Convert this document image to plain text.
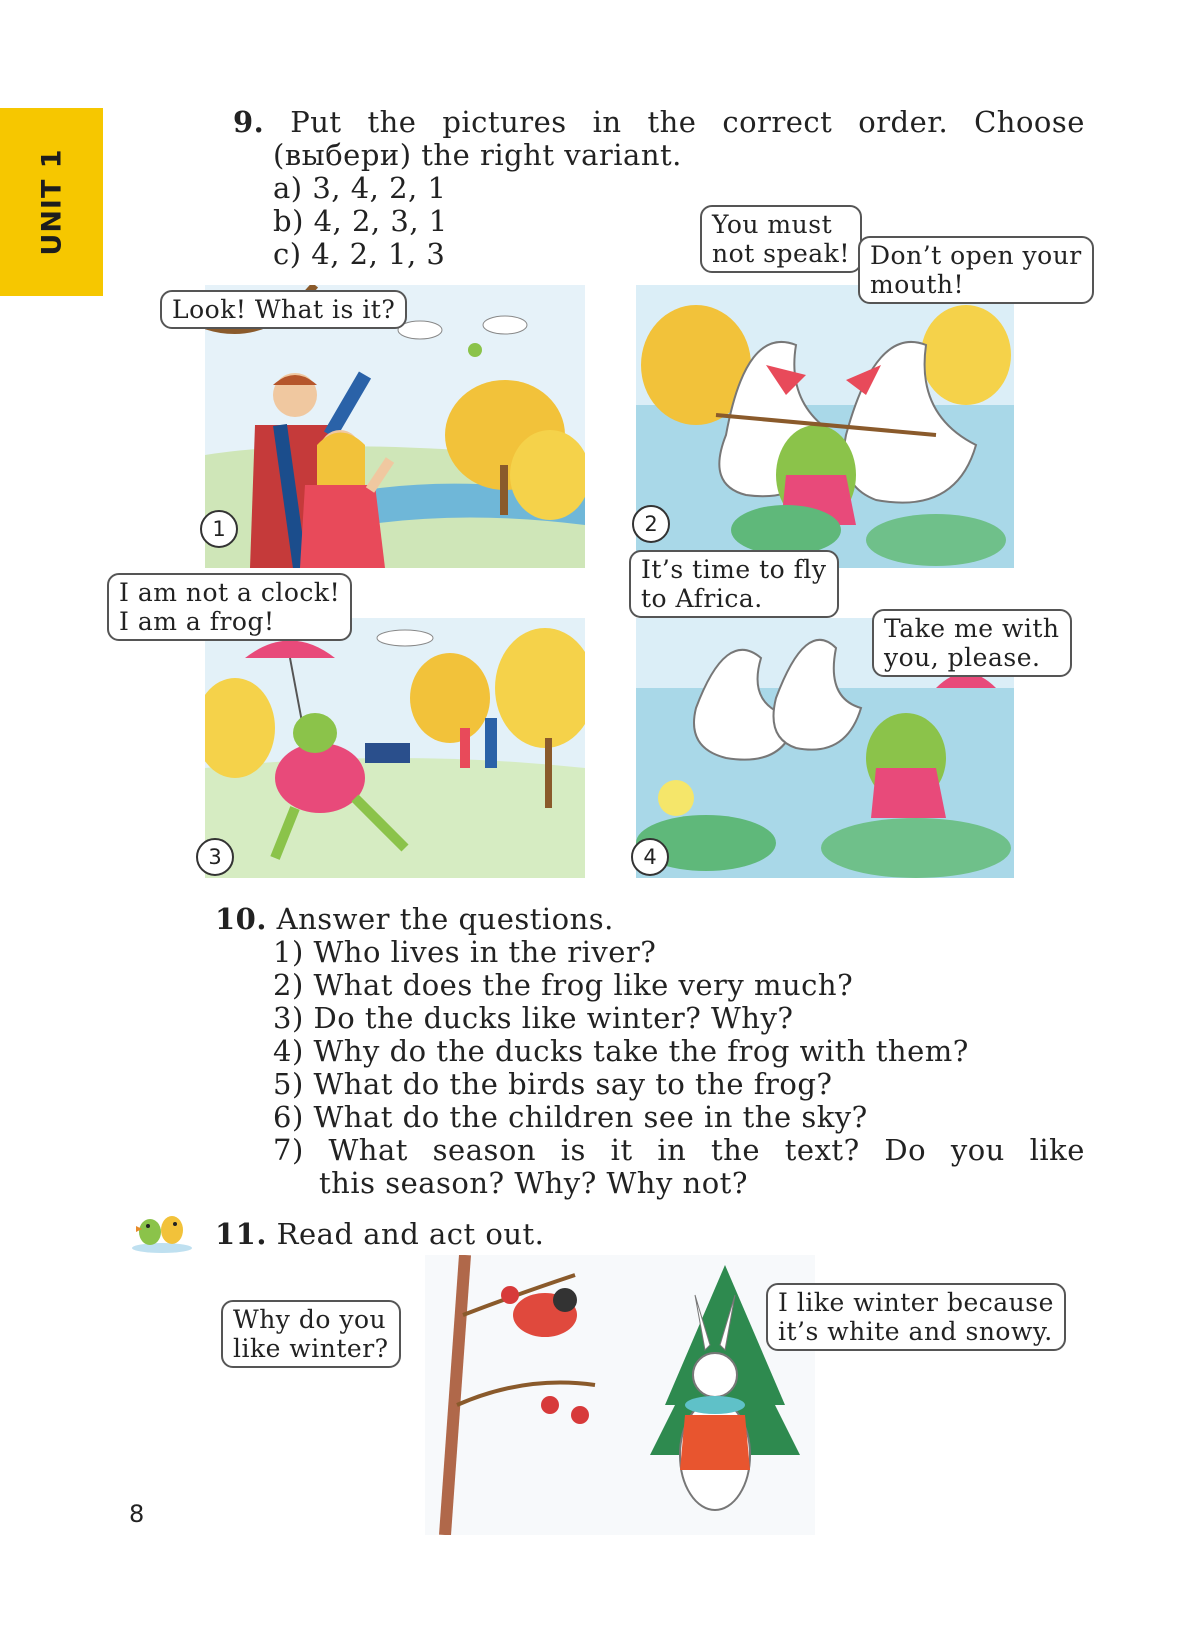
UNIT 1
9. Put the pictures in the correct order. Choose
(выбери) the right variant.
a) 3, 4, 2, 1
b) 4, 2, 3, 1
c) 4, 2, 1, 3
Look! What is it?
1
You must
not speak! Don’t open your
mouth!
2
I am not a clock!
I am a frog!
3
It’s time to fly
to Africa.
Take me with
you, please.
4
10. Answer the questions.
1) Who lives in the river?
2) What does the frog like very much?
3) Do the ducks like winter? Why?
4) Why do the ducks take the frog with them?
5) What do the birds say to the frog?
6) What do the children see in the sky?
7) What season is it in the text? Do you like
this season? Why? Why not?
11. Read and act out.
Why do you
like winter?
I like winter because
it’s white and snowy.
8
